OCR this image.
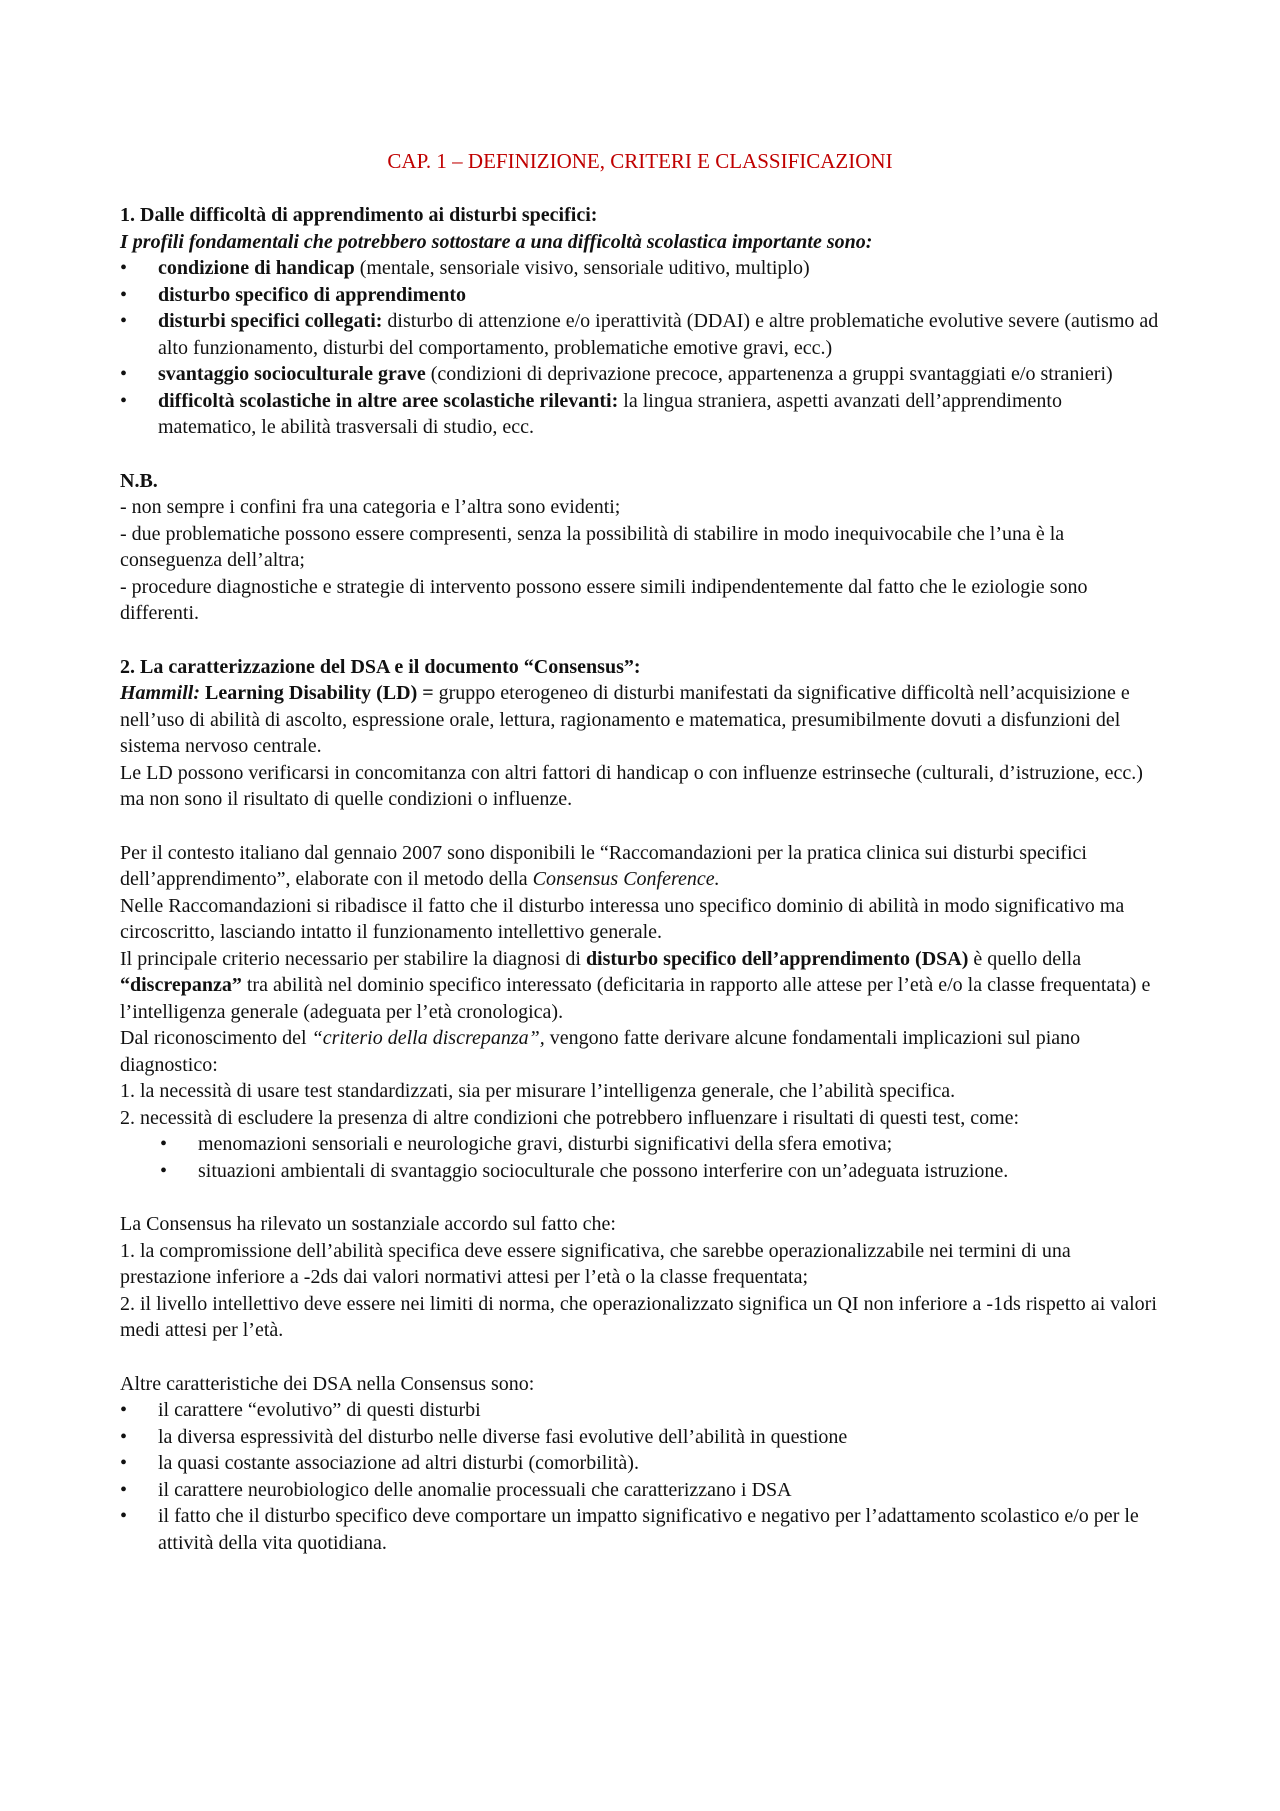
CAP. 1 – DEFINIZIONE, CRITERI E CLASSIFICAZIONI

1. Dalle difficoltà di apprendimento ai disturbi specifici:

I profili fondamentali che potrebbero sottostare a una difficoltà scolastica importante sono:

• condizione di handicap (mentale, sensoriale visivo, sensoriale uditivo, multiplo)
• disturbo specifico di apprendimento
• disturbi specifici collegati: disturbo di attenzione e/o iperattività (DDAI) e altre problematiche evolutive severe (autismo ad alto funzionamento, disturbi del comportamento, problematiche emotive gravi, ecc.)
• svantaggio socioculturale grave (condizioni di deprivazione precoce, appartenenza a gruppi svantaggiati e/o stranieri)
• difficoltà scolastiche in altre aree scolastiche rilevanti: la lingua straniera, aspetti avanzati dell’apprendimento matematico, le abilità trasversali di studio, ecc.

N.B.

- non sempre i confini fra una categoria e l’altra sono evidenti;

- due problematiche possono essere compresenti, senza la possibilità di stabilire in modo inequivocabile che l’una è la conseguenza dell’altra;

- procedure diagnostiche e strategie di intervento possono essere simili indipendentemente dal fatto che le eziologie sono differenti.

2. La caratterizzazione del DSA e il documento “Consensus”:

Hammill: Learning Disability (LD) = gruppo eterogeneo di disturbi manifestati da significative difficoltà nell’acquisizione e nell’uso di abilità di ascolto, espressione orale, lettura, ragionamento e matematica, presumibilmente dovuti a disfunzioni del sistema nervoso centrale.

Le LD possono verificarsi in concomitanza con altri fattori di handicap o con influenze estrinseche (culturali, d’istruzione, ecc.) ma non sono il risultato di quelle condizioni o influenze.

Per il contesto italiano dal gennaio 2007 sono disponibili le “Raccomandazioni per la pratica clinica sui disturbi specifici dell’apprendimento”, elaborate con il metodo della Consensus Conference.

Nelle Raccomandazioni si ribadisce il fatto che il disturbo interessa uno specifico dominio di abilità in modo significativo ma circoscritto, lasciando intatto il funzionamento intellettivo generale.

Il principale criterio necessario per stabilire la diagnosi di disturbo specifico dell’apprendimento (DSA) è quello della “discrepanza” tra abilità nel dominio specifico interessato (deficitaria in rapporto alle attese per l’età e/o la classe frequentata) e l’intelligenza generale (adeguata per l’età cronologica).

Dal riconoscimento del “criterio della discrepanza”, vengono fatte derivare alcune fondamentali implicazioni sul piano diagnostico:

1. la necessità di usare test standardizzati, sia per misurare l’intelligenza generale, che l’abilità specifica.

2. necessità di escludere la presenza di altre condizioni che potrebbero influenzare i risultati di questi test, come:

• menomazioni sensoriali e neurologiche gravi, disturbi significativi della sfera emotiva;
• situazioni ambientali di svantaggio socioculturale che possono interferire con un’adeguata istruzione.

La Consensus ha rilevato un sostanziale accordo sul fatto che:

1. la compromissione dell’abilità specifica deve essere significativa, che sarebbe operazionalizzabile nei termini di una prestazione inferiore a -2ds dai valori normativi attesi per l’età o la classe frequentata;

2. il livello intellettivo deve essere nei limiti di norma, che operazionalizzato significa un QI non inferiore a -1ds rispetto ai valori medi attesi per l’età.

Altre caratteristiche dei DSA nella Consensus sono:

• il carattere “evolutivo” di questi disturbi
• la diversa espressività del disturbo nelle diverse fasi evolutive dell’abilità in questione
• la quasi costante associazione ad altri disturbi (comorbilità).
• il carattere neurobiologico delle anomalie processuali che caratterizzano i DSA
• il fatto che il disturbo specifico deve comportare un impatto significativo e negativo per l’adattamento scolastico e/o per le attività della vita quotidiana.
